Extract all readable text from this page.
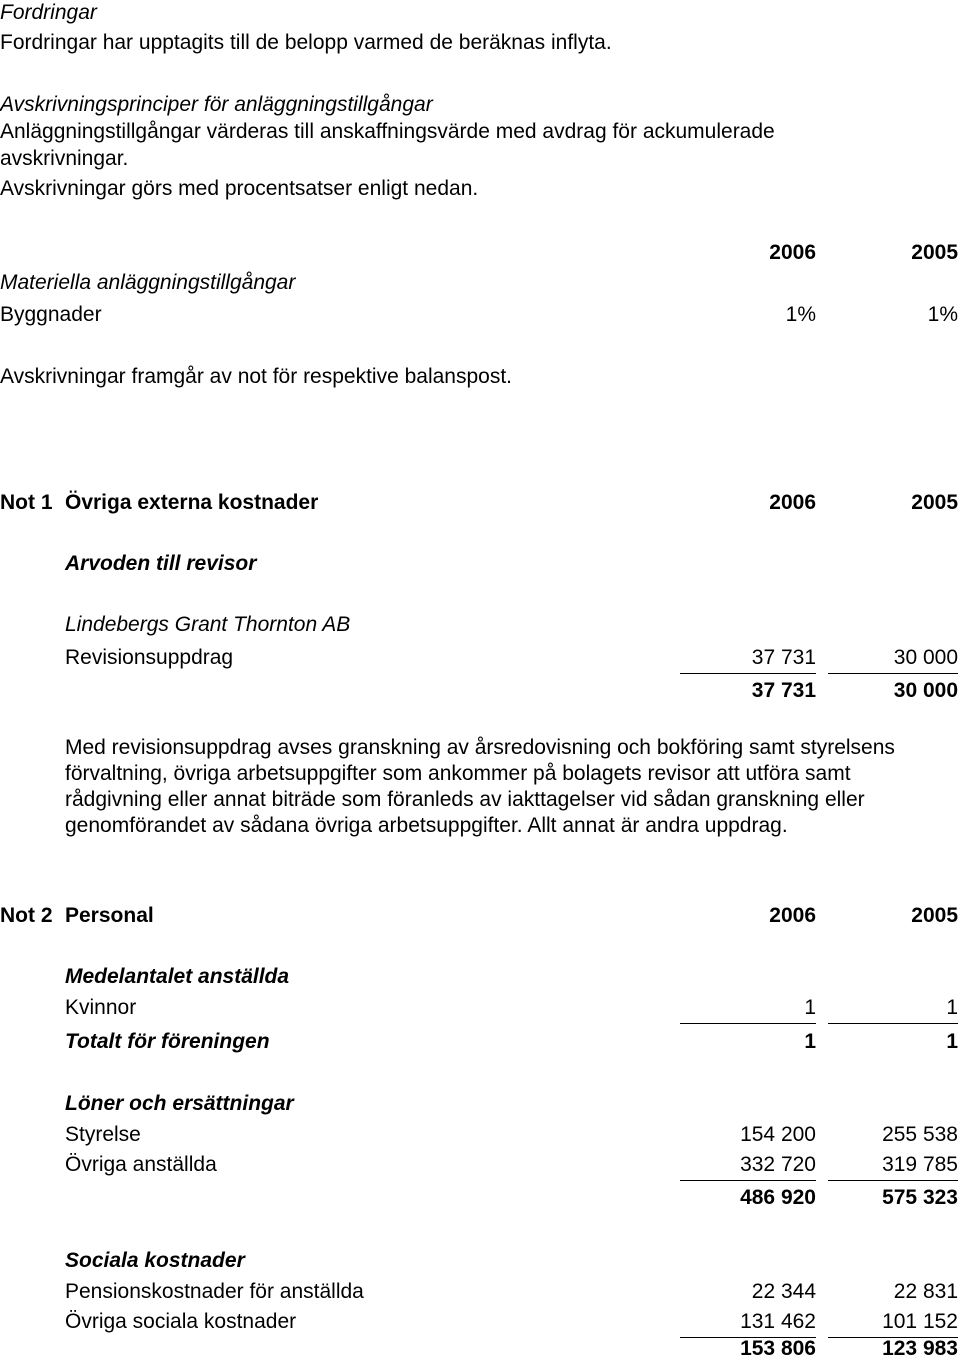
Fordringar
Fordringar har upptagits till de belopp varmed de beräknas inflyta.
Avskrivningsprinciper för anläggningstillgångar
Anläggningstillgångar värderas till anskaffningsvärde med avdrag för ackumulerade
avskrivningar.
Avskrivningar görs med procentsatser enligt nedan.
2006	2005
Materiella anläggningstillgångar
Byggnader	1%	1%
Avskrivningar framgår av not för respektive balanspost.
Not 1 Övriga externa kostnader	2006	2005
Arvoden till revisor
Lindebergs Grant Thornton AB
Revisionsuppdrag	37 731	30 000
37 731	30 000
Med revisionsuppdrag avses granskning av årsredovisning och bokföring samt styrelsens förvaltning, övriga arbetsuppgifter som ankommer på bolagets revisor att utföra samt rådgivning eller annat biträde som föranleds av iakttagelser vid sådan granskning eller genomförandet av sådana övriga arbetsuppgifter. Allt annat är andra uppdrag.
Not 2 Personal	2006	2005
Medelantalet anställda
Kvinnor	1	1
Totalt för föreningen	1	1
Löner och ersättningar
Styrelse	154 200	255 538
Övriga anställda	332 720	319 785
486 920	575 323
Sociala kostnader
Pensionskostnader för anställda	22 344	22 831
Övriga sociala kostnader	131 462	101 152
153 806	123 983
